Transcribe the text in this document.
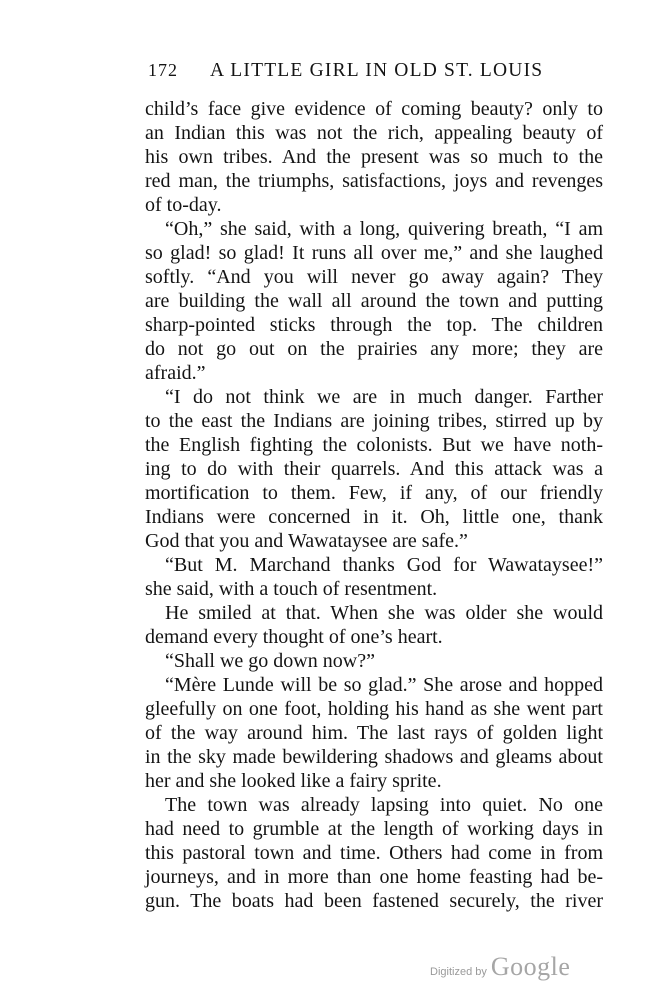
172	A LITTLE GIRL IN OLD ST. LOUIS
child’s face give evidence of coming beauty? only to
an Indian this was not the rich, appealing beauty of
his own tribes. And the present was so much to the
red man, the triumphs, satisfactions, joys and revenges
of to-day.
“Oh,” she said, with a long, quivering breath, “I am
so glad! so glad! It runs all over me,” and she laughed
softly. “And you will never go away again? They
are building the wall all around the town and putting
sharp-pointed sticks through the top. The children
do not go out on the prairies any more; they are
afraid.”
“I do not think we are in much danger. Farther
to the east the Indians are joining tribes, stirred up by
the English fighting the colonists. But we have noth-
ing to do with their quarrels. And this attack was a
mortification to them. Few, if any, of our friendly
Indians were concerned in it. Oh, little one, thank
God that you and Wawataysee are safe.”
“But M. Marchand thanks God for Wawataysee!”
she said, with a touch of resentment.
He smiled at that. When she was older she would
demand every thought of one’s heart.
“Shall we go down now?”
“Mère Lunde will be so glad.” She arose and hopped
gleefully on one foot, holding his hand as she went part
of the way around him. The last rays of golden light
in the sky made bewildering shadows and gleams about
her and she looked like a fairy sprite.
The town was already lapsing into quiet. No one
had need to grumble at the length of working days in
this pastoral town and time. Others had come in from
journeys, and in more than one home feasting had be-
gun. The boats had been fastened securely, the river
Digitized by Google
